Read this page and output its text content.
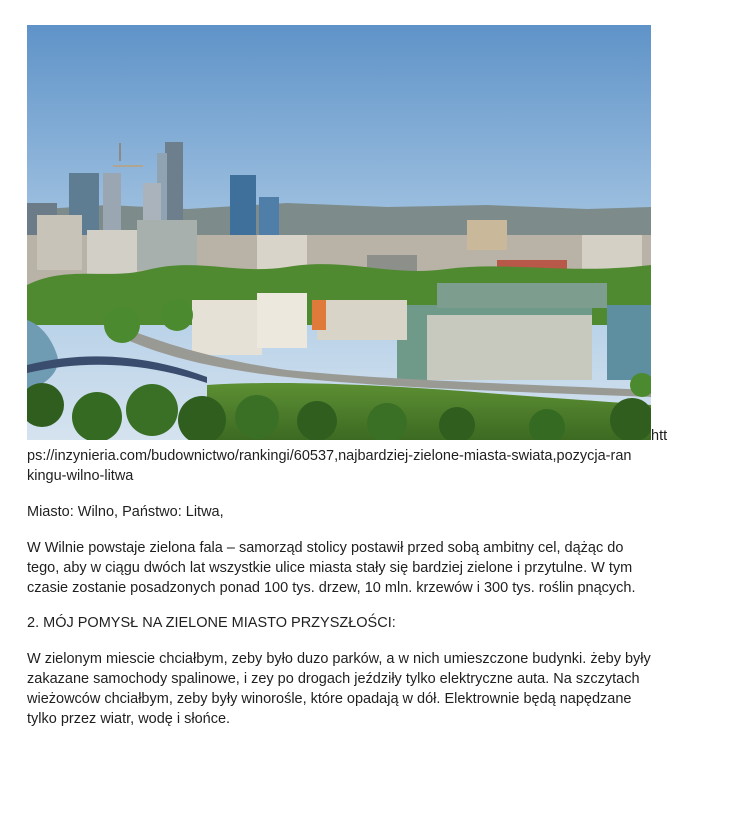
htt
ps://inzynieria.com/budownictwo/rankingi/60537,najbardziej-zielone-miasta-swiata,pozycja-ran
kingu-wilno-litwa
Miasto: Wilno, Państwo: Litwa,
W Wilnie powstaje zielona fala – samorząd stolicy postawił przed sobą ambitny cel, dążąc do
tego, aby w ciągu dwóch lat wszystkie ulice miasta stały się bardziej zielone i przytulne. W tym
czasie zostanie posadzonych ponad 100 tys. drzew, 10 mln. krzewów i 300 tys. roślin pnących.
2. MÓJ POMYSŁ NA ZIELONE MIASTO PRZYSZŁOŚCI:
W zielonym miescie chciałbym, zeby było duzo parków, a w nich umieszczone budynki. żeby były
zakazane samochody spalinowe, i zey po drogach jeździły tylko elektryczne auta. Na szczytach
wieżowców chciałbym, zeby były winorośle, które opadają w dół. Elektrownie będą napędzane
tylko przez wiatr, wodę i słońce.
